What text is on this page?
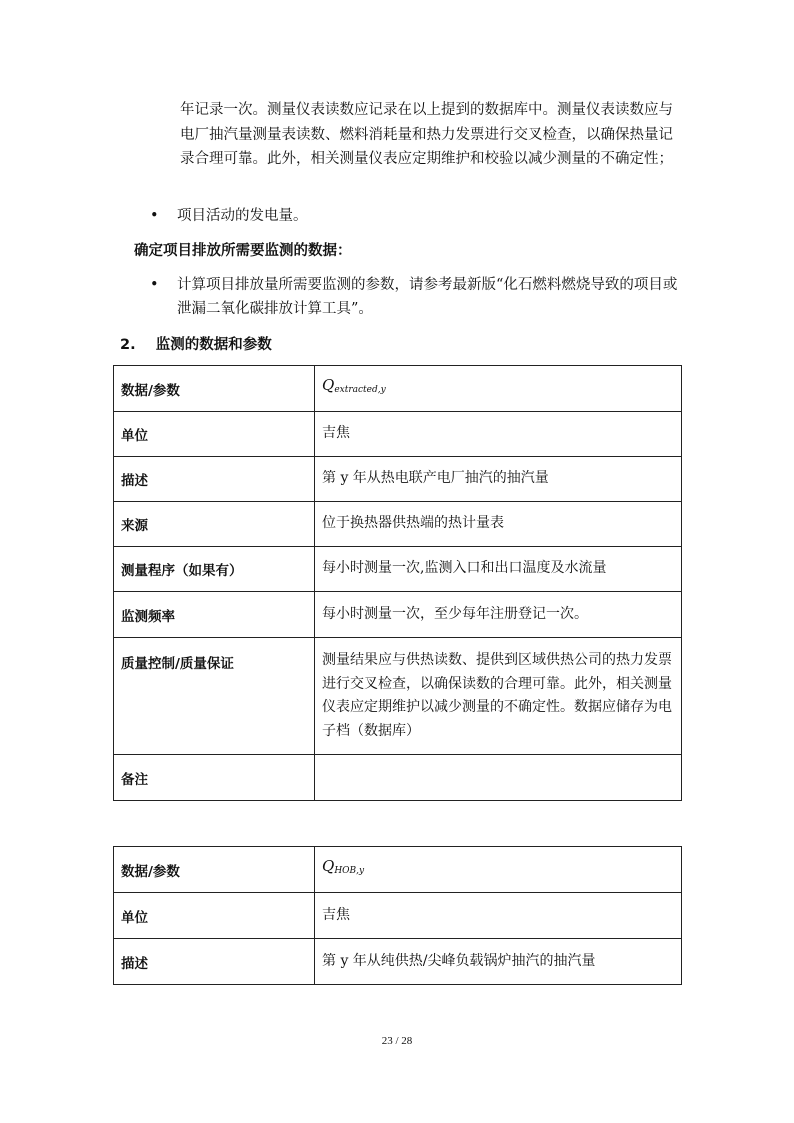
年记录一次。测量仪表读数应记录在以上提到的数据库中。测量仪表读数应与电厂抽汽量测量表读数、燃料消耗量和热力发票进行交叉检查，以确保热量记录合理可靠。此外，相关测量仪表应定期维护和校验以减少测量的不确定性；

• 项目活动的发电量。
确定项目排放所需要监测的数据：
• 计算项目排放量所需要监测的参数，请参考最新版“化石燃料燃烧导致的项目或泄漏二氧化碳排放计算工具”。
2. 监测的数据和参数
数据/参数	$Q_{extracted,y}$
单位	吉焦
描述	第 y 年从热电联产电厂抽汽的抽汽量
来源	位于换热器供热端的热计量表
测量程序（如果有）	每小时测量一次,监测入口和出口温度及水流量
监测频率	每小时测量一次，至少每年注册登记一次。
质量控制/质量保证	测量结果应与供热读数、提供到区域供热公司的热力发票进行交叉检查，以确保读数的合理可靠。此外，相关测量仪表应定期维护以减少测量的不确定性。数据应储存为电子档（数据库）
备注	
数据/参数	$Q_{HOB,y}$
单位	吉焦
描述	第 y 年从纯供热/尖峰负载锅炉抽汽的抽汽量
23 / 28
